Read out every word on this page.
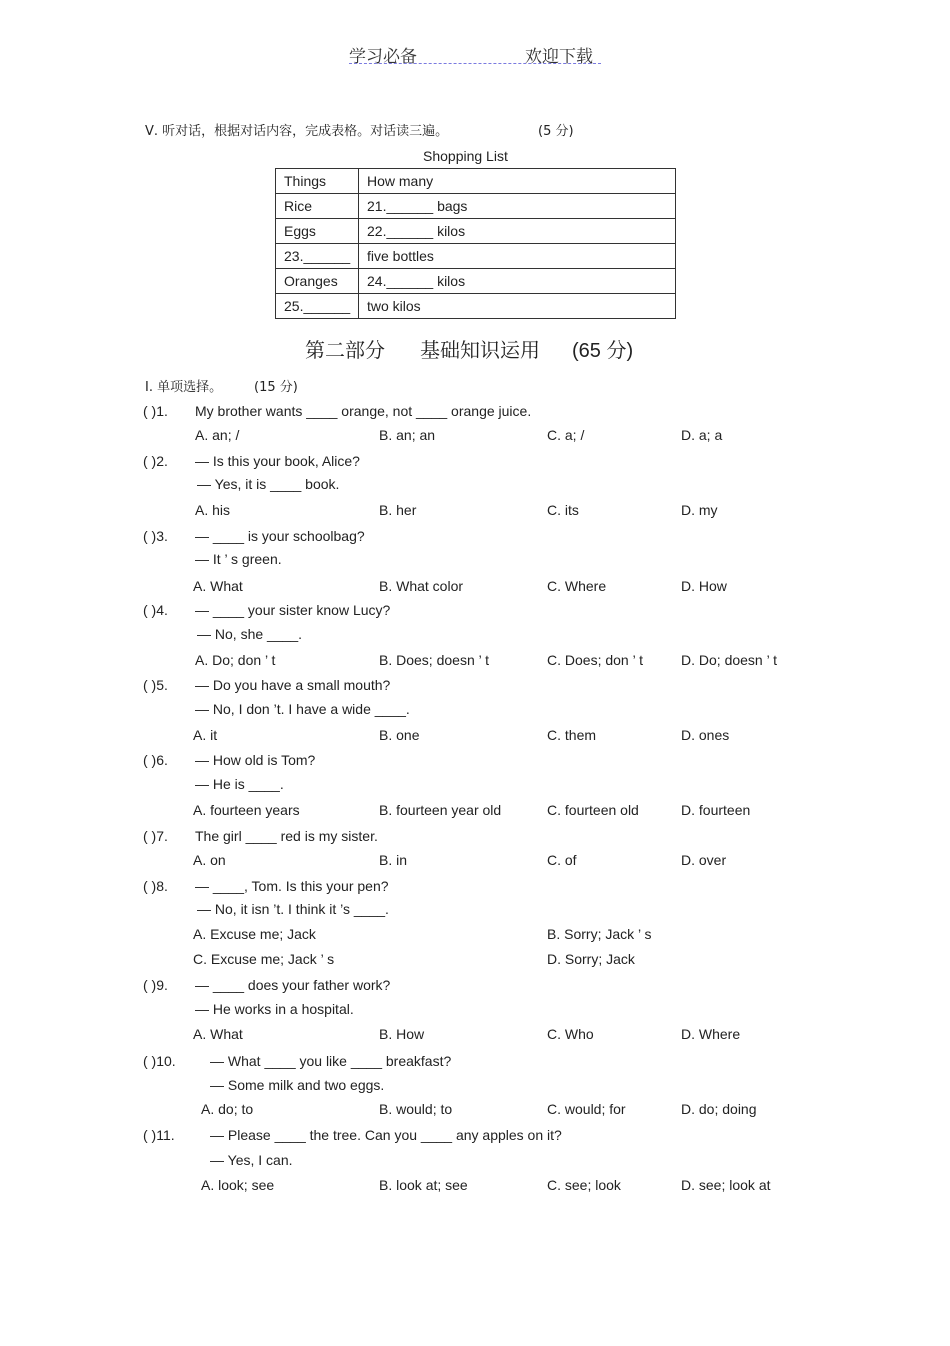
学习必备	欢迎下载
Ⅴ. 听对话，根据对话内容，完成表格。对话读三遍。	(5 分)
Shopping List
Things	How many
Rice	21.______ bags
Eggs	22.______ kilos
23.______	five bottles
Oranges	24.______ kilos
25.______	two kilos
第二部分 基础知识运用 (65 分)
Ⅰ. 单项选择。 (15 分)
( )1. My brother wants ____ orange, not ____ orange juice.
A. an; /	B. an; an	C. a; /	D. a; a
( )2. — Is this your book, Alice?
— Yes, it is ____ book.
A. his	B. her	C. its	D. my
( )3. — ____ is your schoolbag?
— It ’ s green.
A. What	B. What color	C. Where	D. How
( )4. — ____ your sister know Lucy?
— No, she ____.
A. Do; don ’ t	B. Does; doesn ’ t	C. Does; don ’ t	D. Do; doesn ’ t
( )5. — Do you have a small mouth?
— No, I don ’t. I have a wide ____.
A. it	B. one	C. them	D. ones
( )6. — How old is Tom?
— He is ____.
A. fourteen years	B. fourteen year old	C. fourteen old	D. fourteen
( )7. The girl ____ red is my sister.
A. on	B. in	C. of	D. over
( )8. — ____, Tom. Is this your pen?
— No, it isn ’t. I think it ’s ____.
A. Excuse me; Jack	B. Sorry; Jack ’ s
C. Excuse me; Jack ’ s	D. Sorry; Jack
( )9. — ____ does your father work?
— He works in a hospital.
A. What	B. How	C. Who	D. Where
( )10. — What ____ you like ____ breakfast?
— Some milk and two eggs.
A. do; to	B. would; to	C. would; for	D. do; doing
( )11.	— Please ____ the tree. Can you ____ any apples on it?
— Yes, I can.
A. look; see	B. look at; see	C. see; look	D. see; look at
